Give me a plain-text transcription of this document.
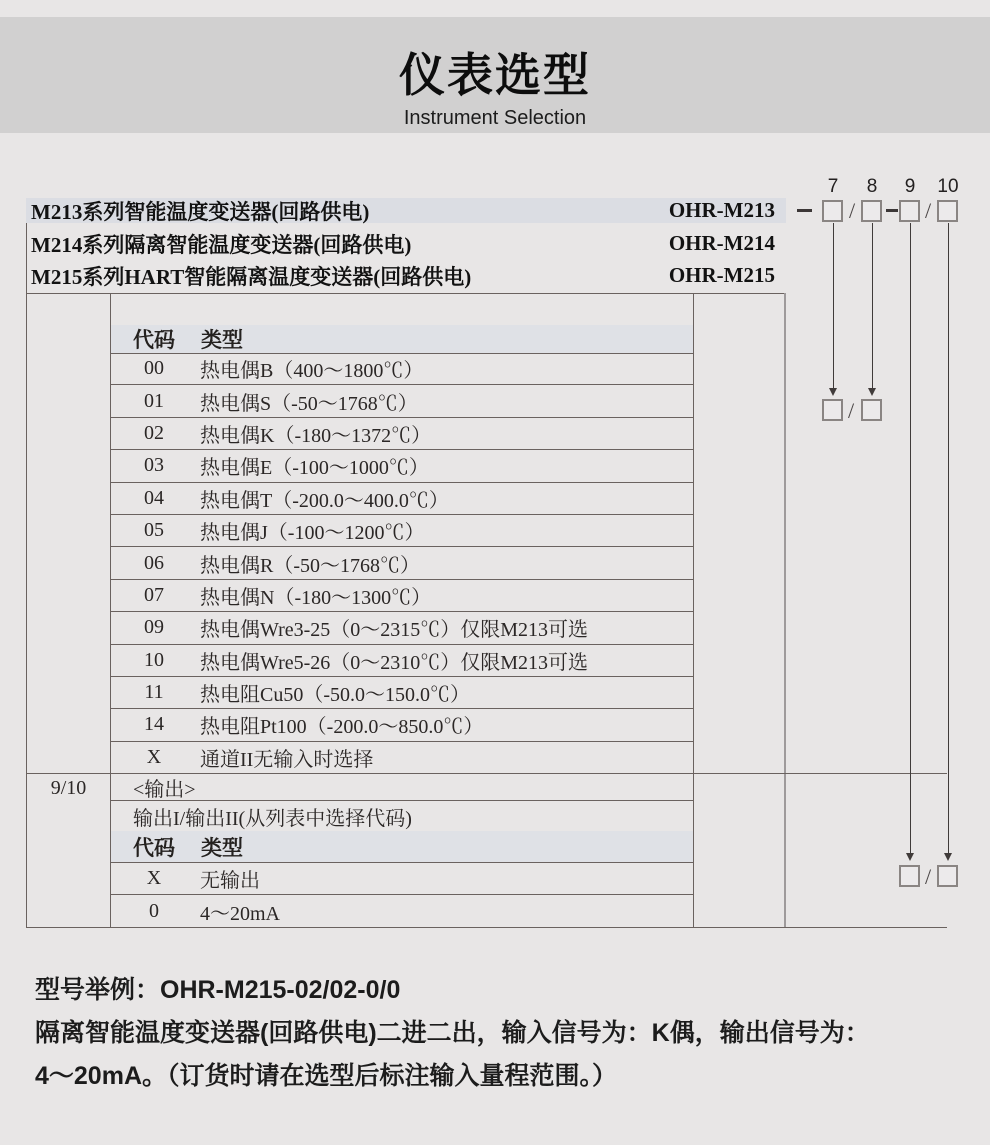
仪表选型
Instrument Selection
M213系列智能温度变送器(回路供电)	OHR-M213
M214系列隔离智能温度变送器(回路供电)	OHR-M214
M215系列HART智能隔离温度变送器(回路供电)	OHR-M215
代码 类型
00	热电偶B（400～1800℃）
01	热电偶S（-50～1768℃）
02	热电偶K（-180～1372℃）
03	热电偶E（-100～1000℃）
04	热电偶T（-200.0～400.0℃）
05	热电偶J（-100～1200℃）
06	热电偶R（-50～1768℃）
07	热电偶N（-180～1300℃）
09	热电偶Wre3-25（0～2315℃）仅限M213可选
10	热电偶Wre5-26（0～2310℃）仅限M213可选
11	热电阻Cu50（-50.0～150.0℃）
14	热电阻Pt100（-200.0～850.0℃）
X	通道II无输入时选择
9/10	<输出>
输出I/输出II(从列表中选择代码)
代码 类型
X	无输出
0	4～20mA
7 8 9 10
/	/
/
/
型号举例：OHR-M215-02/02-0/0
隔离智能温度变送器(回路供电)二进二出，输入信号为：K偶，输出信号为：
4～20mA。（订货时请在选型后标注输入量程范围。）
